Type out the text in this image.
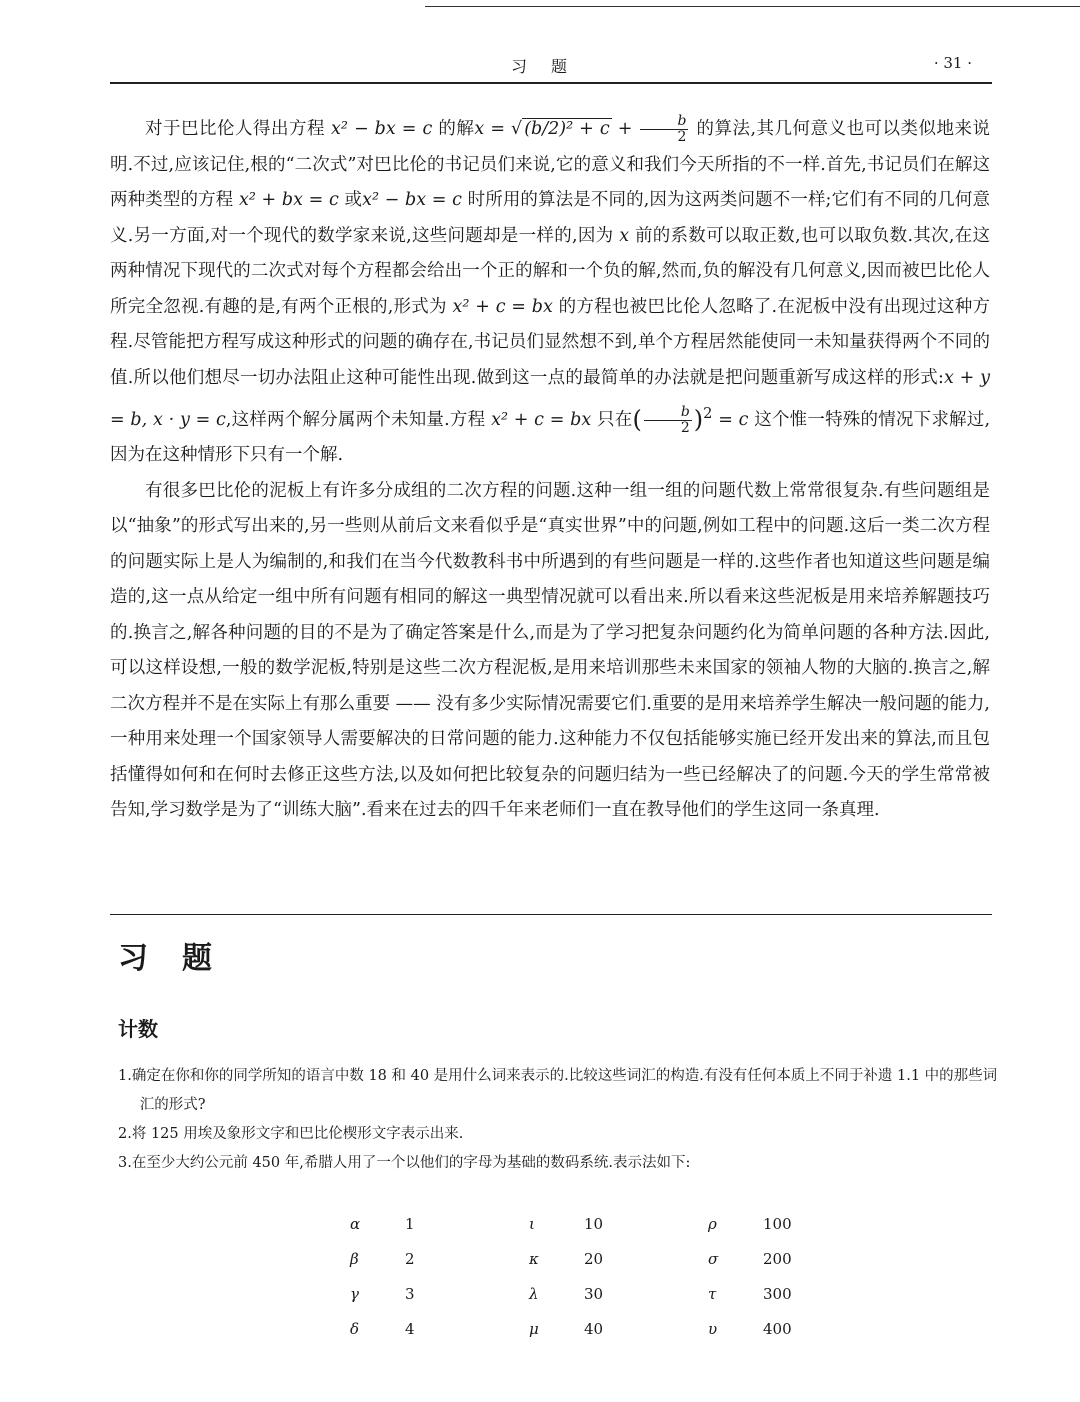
习题	· 31 ·

对于巴比伦人得出方程 x² − bx = c 的解x = √ $(b/2)^2 + c + \frac{b}{2}$ 的算法,其几何意义也可以类似地来说明.不过,应该记住,根的“二次式”对巴比伦的书记员们来说,它的意义和我们今天所指的不一样.首先,书记员们在解这两种类型的方程 x² + bx = c 或x² − bx = c 时所用的算法是不同的,因为这两类问题不一样;它们有不同的几何意义.另一方面,对一个现代的数学家来说,这些问题却是一样的,因为 x 前的系数可以取正数,也可以取负数.其次,在这两种情况下现代的二次式对每个方程都会给出一个正的解和一个负的解,然而,负的解没有几何意义,因而被巴比伦人所完全忽视.有趣的是,有两个正根的,形式为 x² + c = bx 的方程也被巴比伦人忽略了.在泥板中没有出现过这种方程.尽管能把方程写成这种形式的问题的确存在,书记员们显然想不到,单个方程居然能使同一未知量获得两个不同的值.所以他们想尽一切办法阻止这种可能性出现.做到这一点的最简单的办法就是把问题重新写成这样的形式:x + y = b, x · y = c,这样两个解分属两个未知量.方程 x² + c = bx 只在( $\frac{b}{2} )^2 = c$ 这个惟一特殊的情况下求解过,因为在这种情形下只有一个解.

有很多巴比伦的泥板上有许多分成组的二次方程的问题.这种一组一组的问题代数上常常很复杂.有些问题组是以“抽象”的形式写出来的,另一些则从前后文来看似乎是“真实世界”中的问题,例如工程中的问题.这后一类二次方程的问题实际上是人为编制的,和我们在当今代数教科书中所遇到的有些问题是一样的.这些作者也知道这些问题是编造的,这一点从给定一组中所有问题有相同的解这一典型情况就可以看出来.所以看来这些泥板是用来培养解题技巧的.换言之,解各种问题的目的不是为了确定答案是什么,而是为了学习把复杂问题约化为简单问题的各种方法.因此,可以这样设想,一般的数学泥板,特别是这些二次方程泥板,是用来培训那些未来国家的领袖人物的大脑的.换言之,解二次方程并不是在实际上有那么重要 —— 没有多少实际情况需要它们.重要的是用来培养学生解决一般问题的能力,一种用来处理一个国家领导人需要解决的日常问题的能力.这种能力不仅包括能够实施已经开发出来的算法,而且包括懂得如何和在何时去修正这些方法,以及如何把比较复杂的问题归结为一些已经解决了的问题.今天的学生常常被告知,学习数学是为了“训练大脑”.看来在过去的四千年来老师们一直在教导他们的学生这同一条真理.

习题
计数
1.确定在你和你的同学所知的语言中数 18 和 40 是用什么词来表示的.比较这些词汇的构造.有没有任何本质上不同于补遗 1.1 中的那些词汇的形式?
2.将 125 用埃及象形文字和巴比伦楔形文字表示出来.
3.在至少大约公元前 450 年,希腊人用了一个以他们的字母为基础的数码系统.表示法如下:
α	1	ι	10	ρ	100
β	2	κ	20	σ	200
γ	3	λ	30	τ	300
δ	4	μ	40	υ	400
